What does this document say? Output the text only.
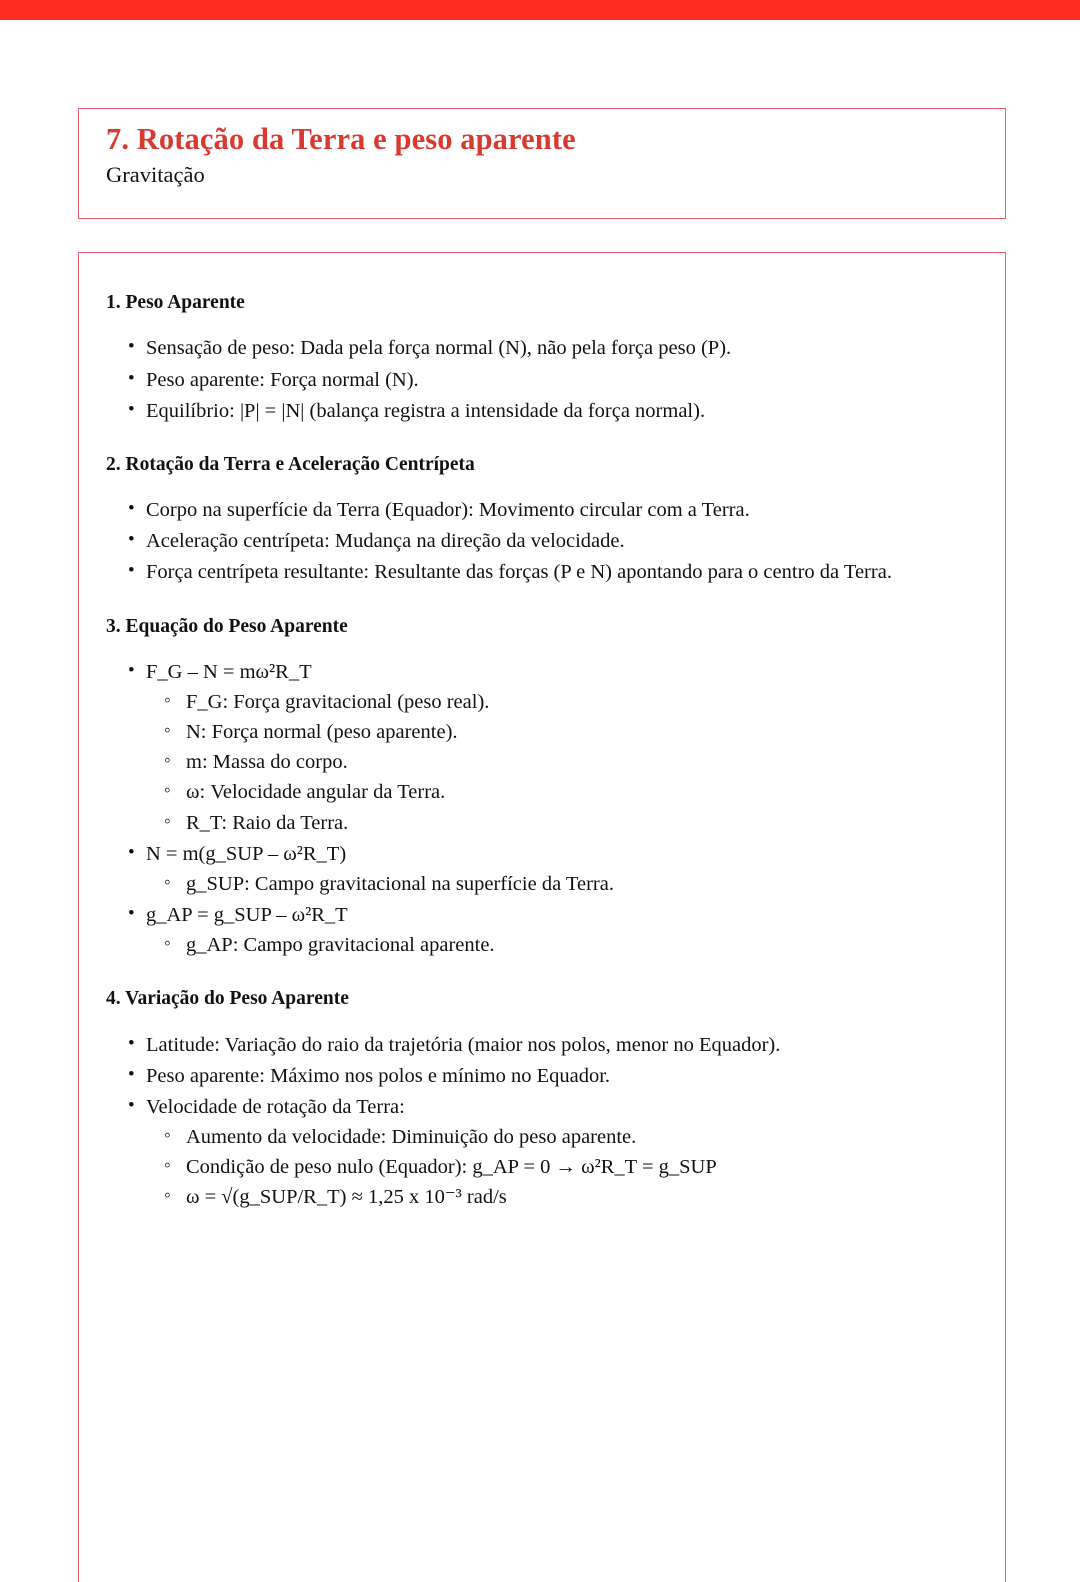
7. Rotação da Terra e peso aparente
Gravitação
1. Peso Aparente
• Sensação de peso: Dada pela força normal (N), não pela força peso (P).
• Peso aparente: Força normal (N).
• Equilíbrio: |P| = |N| (balança registra a intensidade da força normal).
2. Rotação da Terra e Aceleração Centrípeta
• Corpo na superfície da Terra (Equador): Movimento circular com a Terra.
• Aceleração centrípeta: Mudança na direção da velocidade.
• Força centrípeta resultante: Resultante das forças (P e N) apontando para o centro da Terra.
3. Equação do Peso Aparente
• F_G – N = mω²R_T
◦ F_G: Força gravitacional (peso real).
◦ N: Força normal (peso aparente).
◦ m: Massa do corpo.
◦ ω: Velocidade angular da Terra.
◦ R_T: Raio da Terra.
• N = m(g_SUP – ω²R_T)
◦ g_SUP: Campo gravitacional na superfície da Terra.
• g_AP = g_SUP – ω²R_T
◦ g_AP: Campo gravitacional aparente.
4. Variação do Peso Aparente
• Latitude: Variação do raio da trajetória (maior nos polos, menor no Equador).
• Peso aparente: Máximo nos polos e mínimo no Equador.
• Velocidade de rotação da Terra:
◦ Aumento da velocidade: Diminuição do peso aparente.
◦ Condição de peso nulo (Equador): g_AP = 0 → ω²R_T = g_SUP
◦ ω = √(g_SUP/R_T) ≈ 1,25 x 10⁻³ rad/s
